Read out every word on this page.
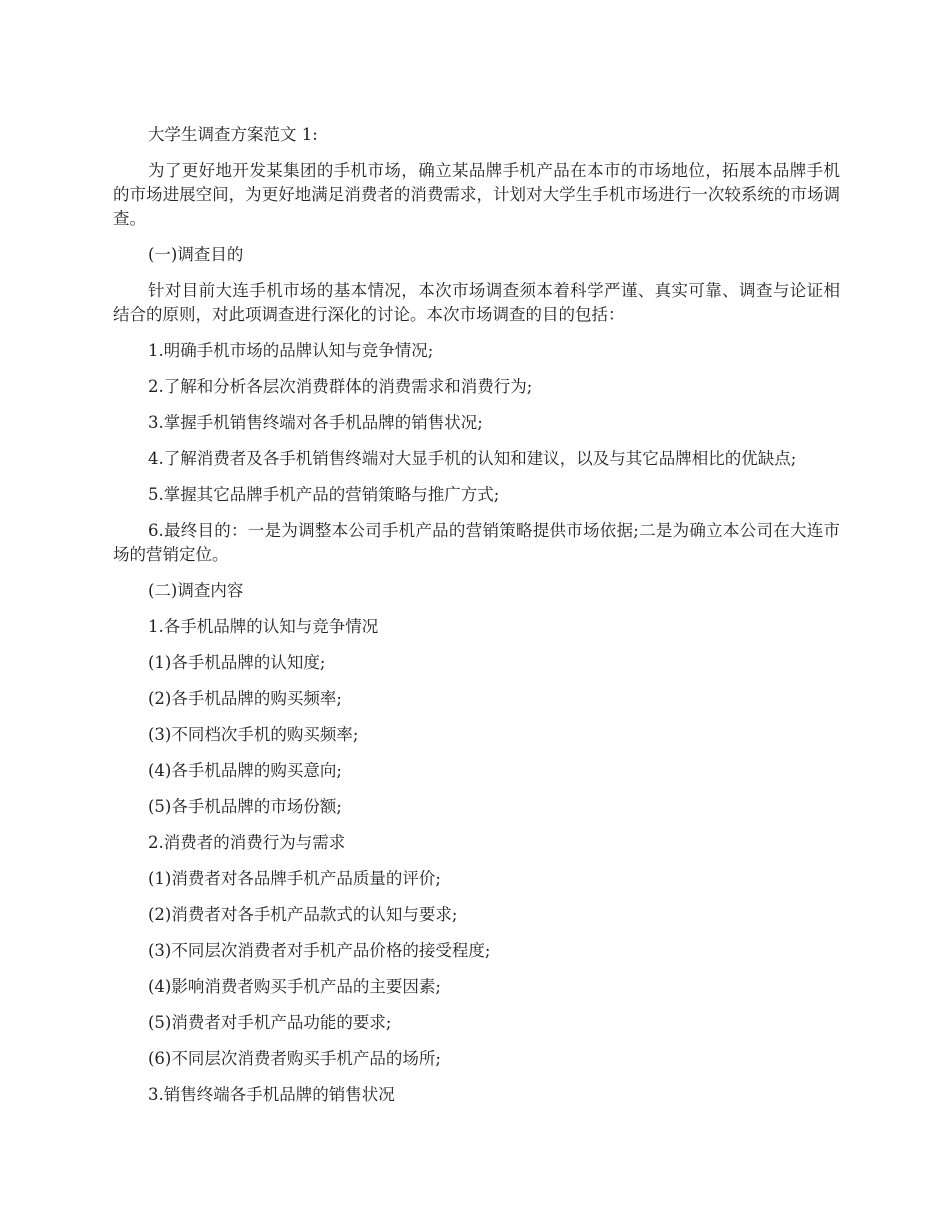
大学生调查方案范文 1:

为了更好地开发某集团的手机市场，确立某品牌手机产品在本市的市场地位，拓展本品牌手机的市场进展空间，为更好地满足消费者的消费需求，计划对大学生手机市场进行一次较系统的市场调查。

(一)调查目的

针对目前大连手机市场的基本情况，本次市场调查须本着科学严谨、真实可靠、调查与论证相结合的原则，对此项调查进行深化的讨论。本次市场调查的目的包括：

1.明确手机市场的品牌认知与竞争情况;

2.了解和分析各层次消费群体的消费需求和消费行为;

3.掌握手机销售终端对各手机品牌的销售状况;

4.了解消费者及各手机销售终端对大显手机的认知和建议，以及与其它品牌相比的优缺点;

5.掌握其它品牌手机产品的营销策略与推广方式;

6.最终目的：一是为调整本公司手机产品的营销策略提供市场依据;二是为确立本公司在大连市场的营销定位。

(二)调查内容

1.各手机品牌的认知与竞争情况

(1)各手机品牌的认知度;

(2)各手机品牌的购买频率;

(3)不同档次手机的购买频率;

(4)各手机品牌的购买意向;

(5)各手机品牌的市场份额;

2.消费者的消费行为与需求

(1)消费者对各品牌手机产品质量的评价;

(2)消费者对各手机产品款式的认知与要求;

(3)不同层次消费者对手机产品价格的接受程度;

(4)影响消费者购买手机产品的主要因素;

(5)消费者对手机产品功能的要求;

(6)不同层次消费者购买手机产品的场所;

3.销售终端各手机品牌的销售状况
